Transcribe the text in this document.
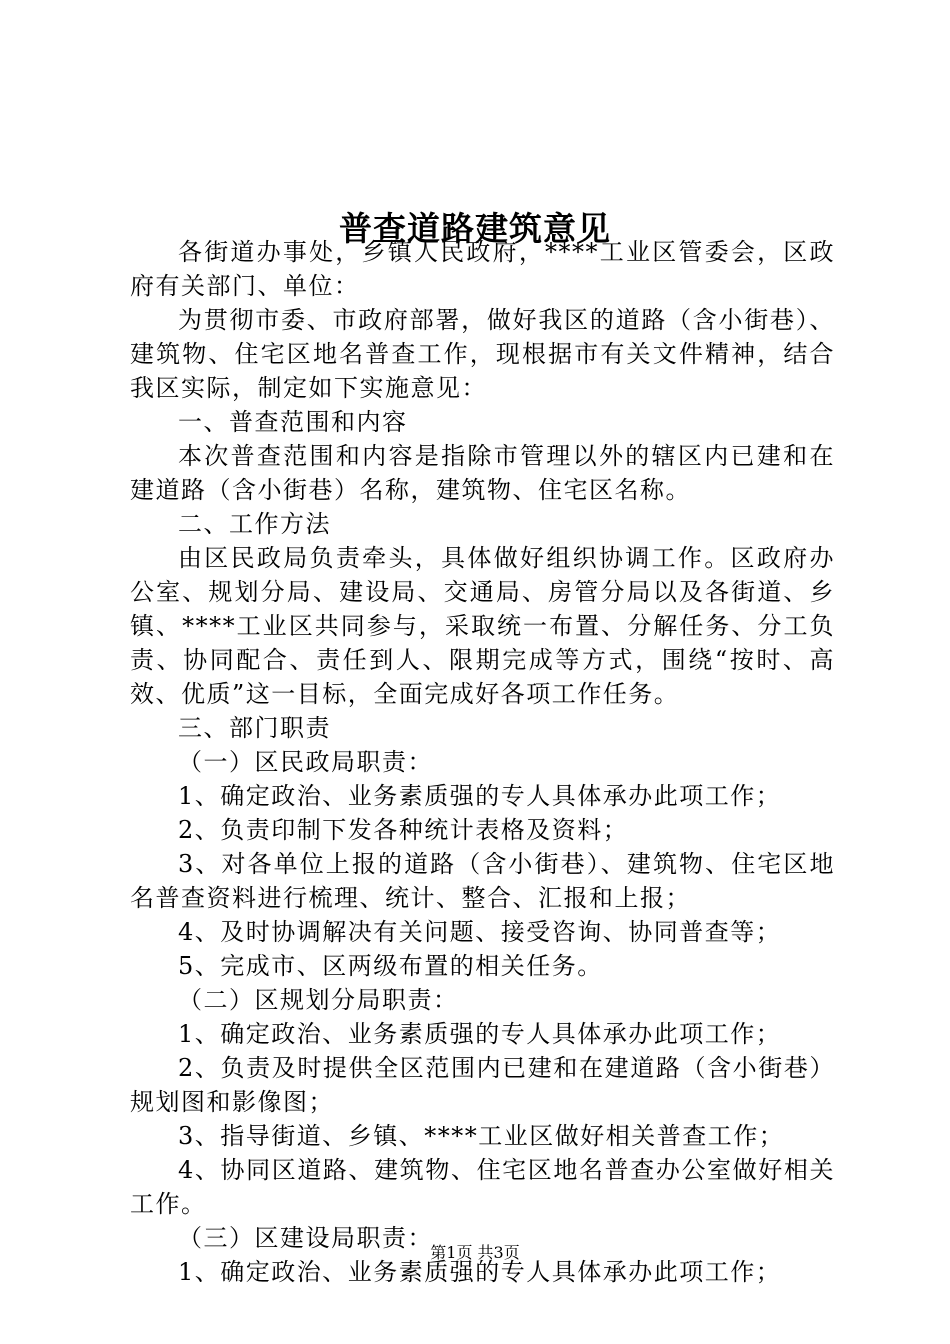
普查道路建筑意见

各街道办事处，乡镇人民政府，****工业区管委会，区政府有关部门、单位：

为贯彻市委、市政府部署，做好我区的道路（含小街巷）、建筑物、住宅区地名普查工作，现根据市有关文件精神，结合我区实际，制定如下实施意见：

一、普查范围和内容

本次普查范围和内容是指除市管理以外的辖区内已建和在建道路（含小街巷）名称，建筑物、住宅区名称。

二、工作方法

由区民政局负责牵头，具体做好组织协调工作。区政府办公室、规划分局、建设局、交通局、房管分局以及各街道、乡镇、****工业区共同参与，采取统一布置、分解任务、分工负责、协同配合、责任到人、限期完成等方式，围绕“按时、高效、优质”这一目标，全面完成好各项工作任务。

三、部门职责

（一）区民政局职责：

1、确定政治、业务素质强的专人具体承办此项工作；

2、负责印制下发各种统计表格及资料；

3、对各单位上报的道路（含小街巷）、建筑物、住宅区地名普查资料进行梳理、统计、整合、汇报和上报；

4、及时协调解决有关问题、接受咨询、协同普查等；

5、完成市、区两级布置的相关任务。

（二）区规划分局职责：

1、确定政治、业务素质强的专人具体承办此项工作；

2、负责及时提供全区范围内已建和在建道路（含小街巷）规划图和影像图；

3、指导街道、乡镇、****工业区做好相关普查工作；

4、协同区道路、建筑物、住宅区地名普查办公室做好相关工作。

（三）区建设局职责：

1、确定政治、业务素质强的专人具体承办此项工作；

第1页 共3页
